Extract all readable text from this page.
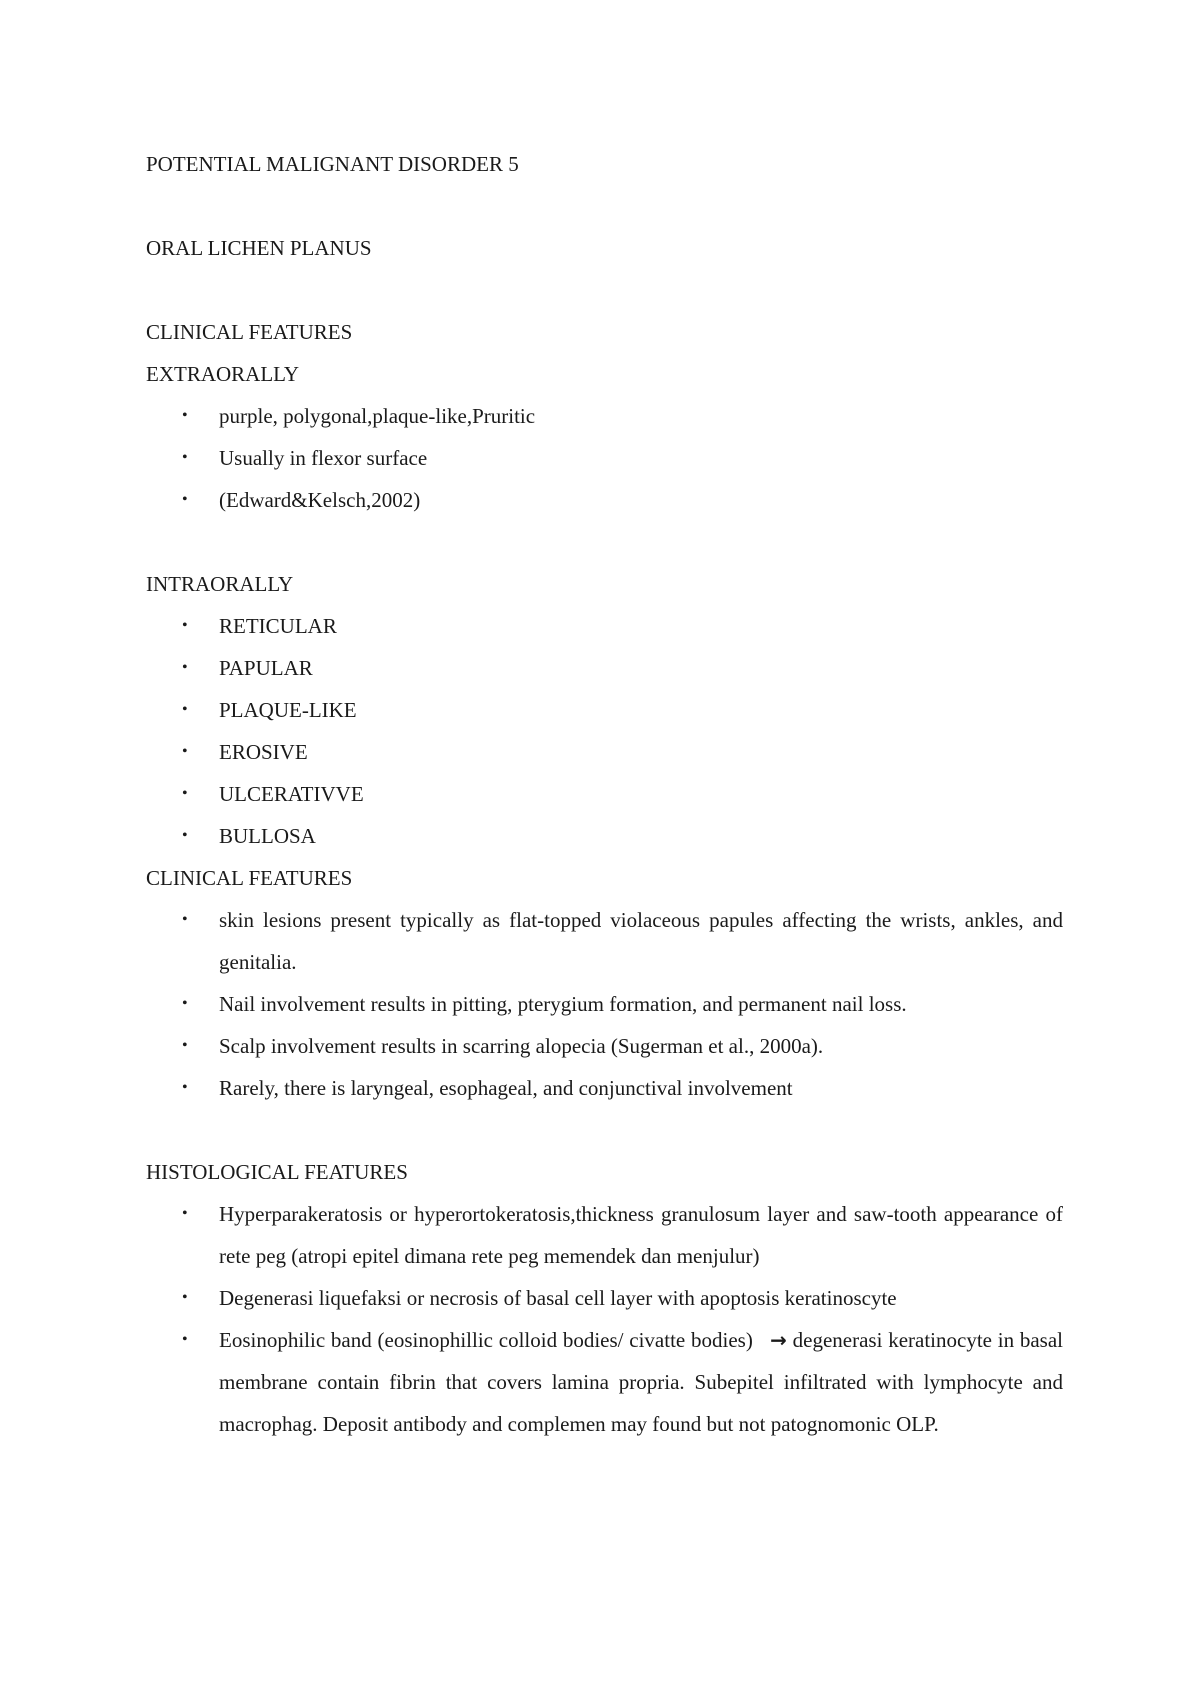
POTENTIAL MALIGNANT DISORDER 5

ORAL LICHEN PLANUS

CLINICAL FEATURES

EXTRAORALLY

• purple, polygonal,plaque-like,Pruritic
• Usually in flexor surface
• (Edward&Kelsch,2002)

INTRAORALLY

• RETICULAR
• PAPULAR
• PLAQUE-LIKE
• EROSIVE
• ULCERATIVVE
• BULLOSA

CLINICAL FEATURES

• skin lesions present typically as flat-topped violaceous papules affecting the wrists, ankles, and genitalia.
• Nail involvement results in pitting, pterygium formation, and permanent nail loss.
• Scalp involvement results in scarring alopecia (Sugerman et al., 2000a).
• Rarely, there is laryngeal, esophageal, and conjunctival involvement

HISTOLOGICAL FEATURES

• Hyperparakeratosis or hyperortokeratosis,thickness granulosum layer and saw-tooth appearance of rete peg (atropi epitel dimana rete peg memendek dan menjulur)
• Degenerasi liquefaksi or necrosis of basal cell layer with apoptosis keratinoscyte
• Eosinophilic band (eosinophillic colloid bodies/ civatte bodies) → degenerasi keratinocyte in basal membrane contain fibrin that covers lamina propria. Subepitel infiltrated with lymphocyte and macrophag. Deposit antibody and complemen may found but not patognomonic OLP.
